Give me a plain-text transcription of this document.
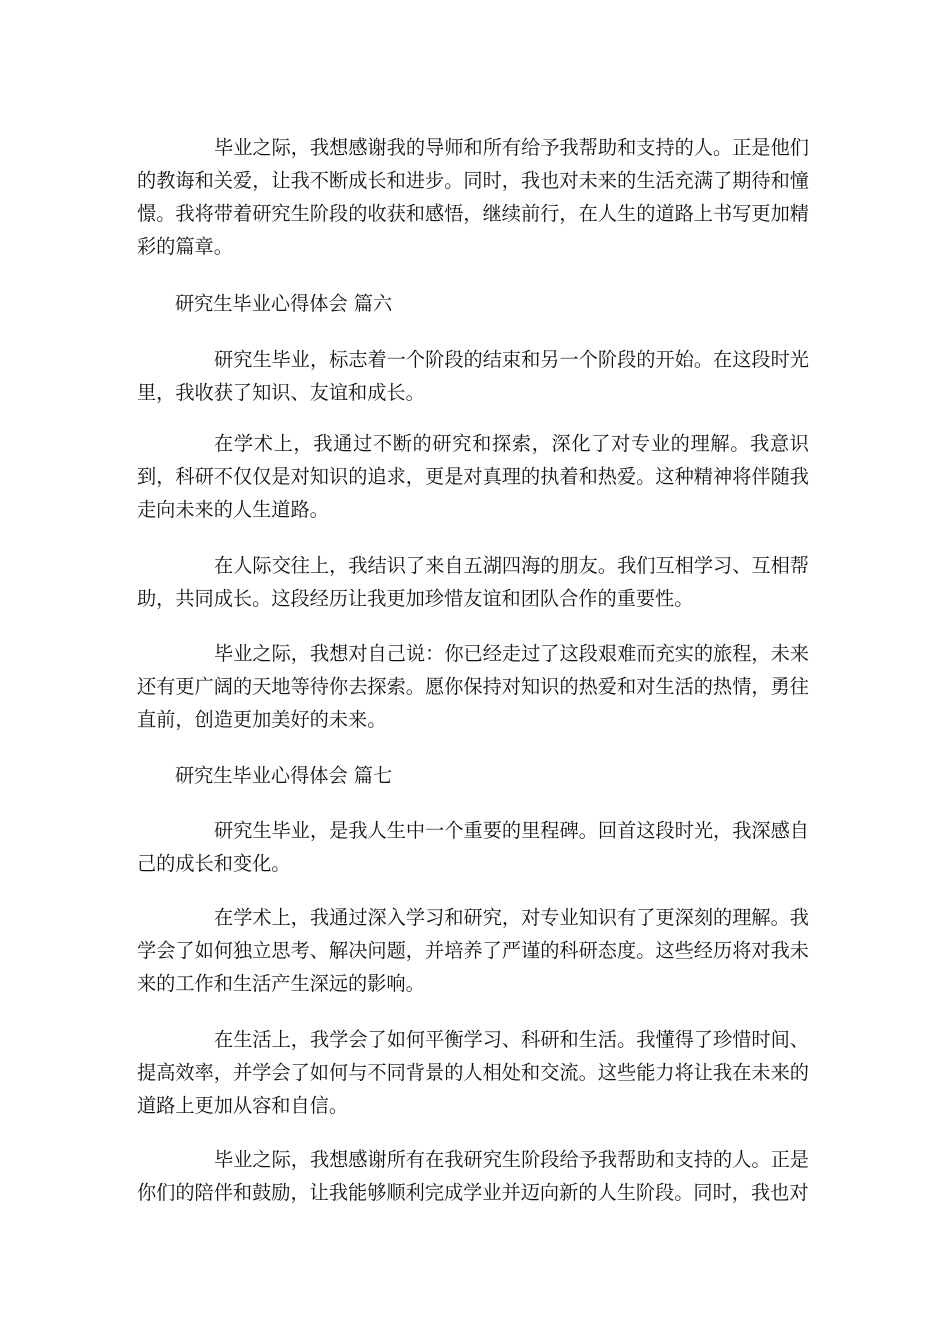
毕业之际，我想感谢我的导师和所有给予我帮助和支持的人。正是他们的教诲和关爱，让我不断成长和进步。同时，我也对未来的生活充满了期待和憧憬。我将带着研究生阶段的收获和感悟，继续前行，在人生的道路上书写更加精彩的篇章。

研究生毕业心得体会 篇六

研究生毕业，标志着一个阶段的结束和另一个阶段的开始。在这段时光里，我收获了知识、友谊和成长。

在学术上，我通过不断的研究和探索，深化了对专业的理解。我意识到，科研不仅仅是对知识的追求，更是对真理的执着和热爱。这种精神将伴随我走向未来的人生道路。

在人际交往上，我结识了来自五湖四海的朋友。我们互相学习、互相帮助，共同成长。这段经历让我更加珍惜友谊和团队合作的重要性。

毕业之际，我想对自己说：你已经走过了这段艰难而充实的旅程，未来还有更广阔的天地等待你去探索。愿你保持对知识的热爱和对生活的热情，勇往直前，创造更加美好的未来。

研究生毕业心得体会 篇七

研究生毕业，是我人生中一个重要的里程碑。回首这段时光，我深感自己的成长和变化。

在学术上，我通过深入学习和研究，对专业知识有了更深刻的理解。我学会了如何独立思考、解决问题，并培养了严谨的科研态度。这些经历将对我未来的工作和生活产生深远的影响。

在生活上，我学会了如何平衡学习、科研和生活。我懂得了珍惜时间、提高效率，并学会了如何与不同背景的人相处和交流。这些能力将让我在未来的道路上更加从容和自信。

毕业之际，我想感谢所有在我研究生阶段给予我帮助和支持的人。正是你们的陪伴和鼓励，让我能够顺利完成学业并迈向新的人生阶段。同时，我也对
